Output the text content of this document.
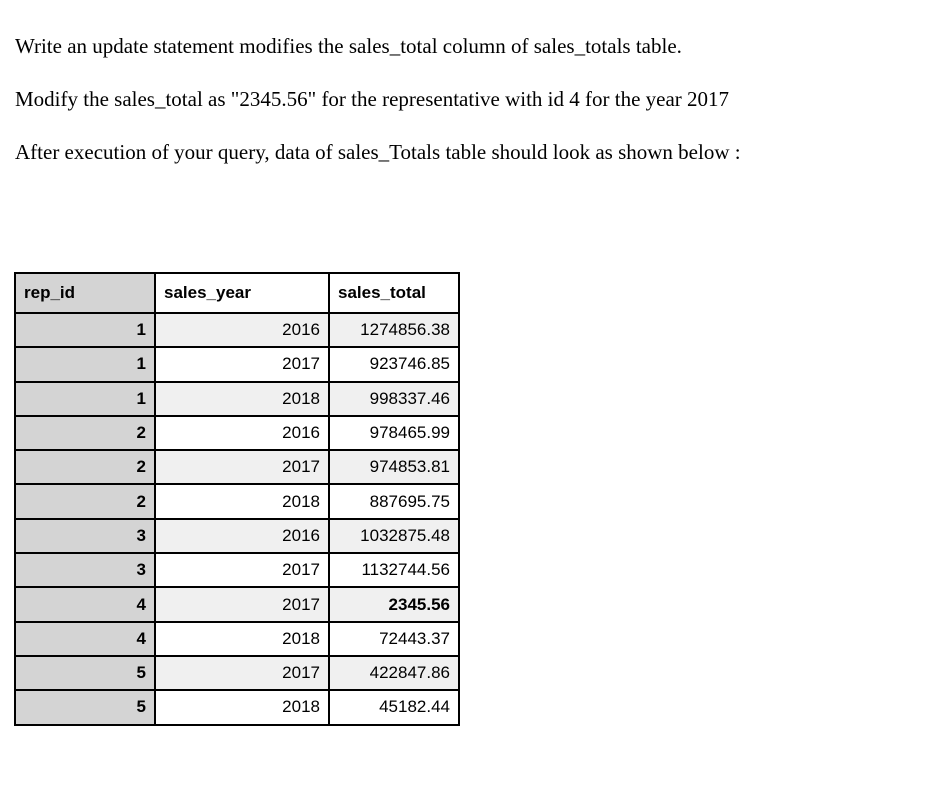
Write an update statement modifies the sales_total column of sales_totals table.

Modify the sales_total as "2345.56" for the representative with id 4 for the year 2017

After execution of your query, data of sales_Totals table should look as shown below :

rep_id	sales_year	sales_total
1	2016	1274856.38
1	2017	923746.85
1	2018	998337.46
2	2016	978465.99
2	2017	974853.81
2	2018	887695.75
3	2016	1032875.48
3	2017	1132744.56
4	2017	2345.56
4	2018	72443.37
5	2017	422847.86
5	2018	45182.44
